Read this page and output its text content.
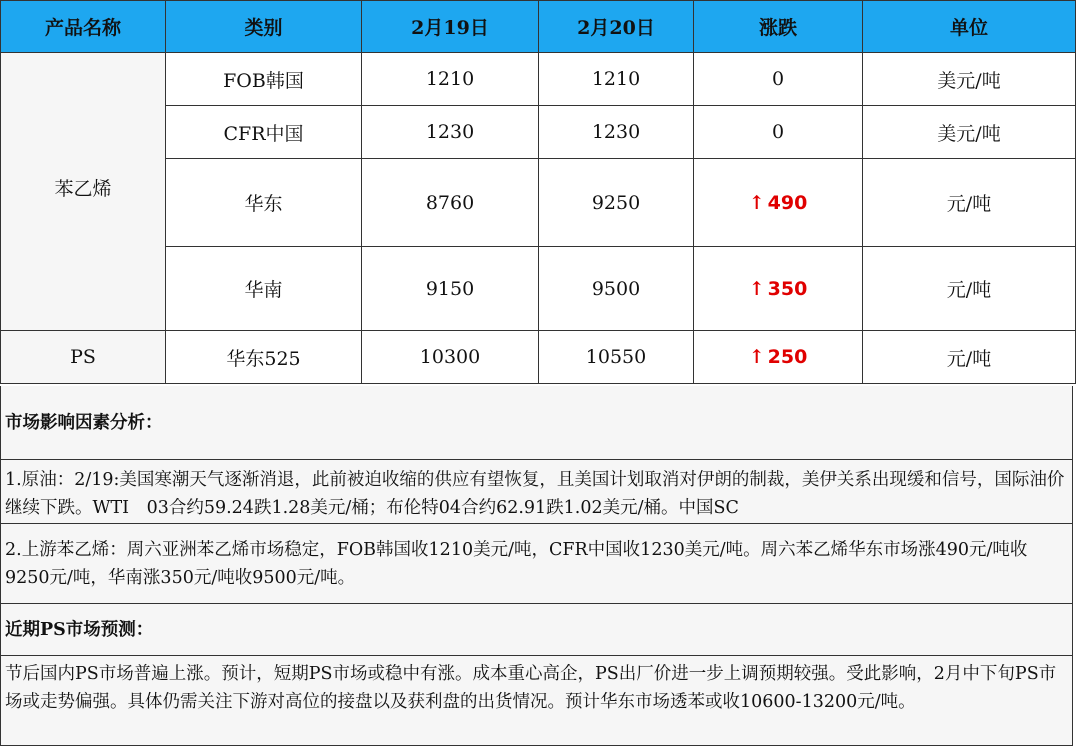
产品名称	类别	2月19日	2月20日	涨跌	单位
苯乙烯	FOB韩国	1210	1210	0	美元/吨
	CFR中国	1230	1230	0	美元/吨
	华东	8760	9250	↑ 490	元/吨
	华南	9150	9500	↑ 350	元/吨
PS	华东525	10300	10550	↑ 250	元/吨
市场影响因素分析：
1.原油：2/19:美国寒潮天气逐渐消退，此前被迫收缩的供应有望恢复，且美国计划取消对伊朗的制裁，美伊关系出现缓和信号，国际油价继续下跌。WTI　03合约59.24跌1.28美元/桶；布伦特04合约62.91跌1.02美元/桶。中国SC
2.上游苯乙烯：周六亚洲苯乙烯市场稳定，FOB韩国收1210美元/吨，CFR中国收1230美元/吨。周六苯乙烯华东市场涨490元/吨收9250元/吨，华南涨350元/吨收9500元/吨。
近期PS市场预测：
节后国内PS市场普遍上涨。预计，短期PS市场或稳中有涨。成本重心高企，PS出厂价进一步上调预期较强。受此影响，2月中下旬PS市场或走势偏强。具体仍需关注下游对高位的接盘以及获利盘的出货情况。预计华东市场透苯或收10600-13200元/吨。
